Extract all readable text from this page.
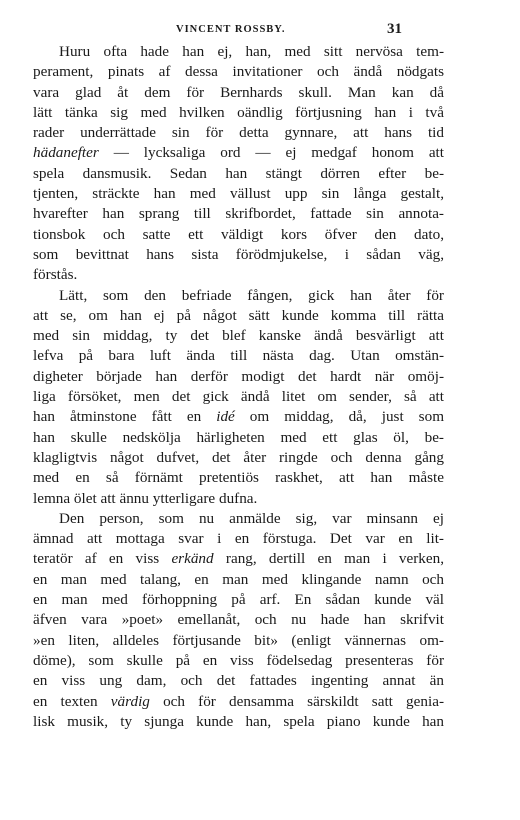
VINCENT ROSSBY.	31
Huru ofta hade han ej, han, med sitt nervösa tem-
perament, pinats af dessa invitationer och ändå nödgats
vara glad åt dem för Bernhards skull. Man kan då
lätt tänka sig med hvilken oändlig förtjusning han i två
rader underrättade sin för detta gynnare, att hans tid
hädanefter — lycksaliga ord — ej medgaf honom att
spela dansmusik. Sedan han stängt dörren efter be-
tjenten, sträckte han med vällust upp sin långa gestalt,
hvarefter han sprang till skrifbordet, fattade sin annota-
tionsbok och satte ett väldigt kors öfver den dato,
som bevittnat hans sista förödmjukelse, i sådan väg,
förstås.
Lätt, som den befriade fången, gick han åter för
att se, om han ej på något sätt kunde komma till rätta
med sin middag, ty det blef kanske ändå besvärligt att
lefva på bara luft ända till nästa dag. Utan omstän-
digheter började han derför modigt det hardt när omöj-
liga försöket, men det gick ändå litet om sender, så att
han åtminstone fått en idé om middag, då, just som
han skulle nedskölja härligheten med ett glas öl, be-
klagligtvis något dufvet, det åter ringde och denna gång
med en så förnämt pretentiös raskhet, att han måste
lemna ölet att ännu ytterligare dufna.
Den person, som nu anmälde sig, var minsann ej
ämnad att mottaga svar i en förstuga. Det var en lit-
teratör af en viss erkänd rang, dertill en man i verken,
en man med talang, en man med klingande namn och
en man med förhoppning på arf. En sådan kunde väl
äfven vara »poet» emellanåt, och nu hade han skrifvit
»en liten, alldeles förtjusande bit» (enligt vännernas om-
döme), som skulle på en viss födelsedag presenteras för
en viss ung dam, och det fattades ingenting annat än
en texten värdig och för densamma särskildt satt genia-
lisk musik, ty sjunga kunde han, spela piano kunde han
